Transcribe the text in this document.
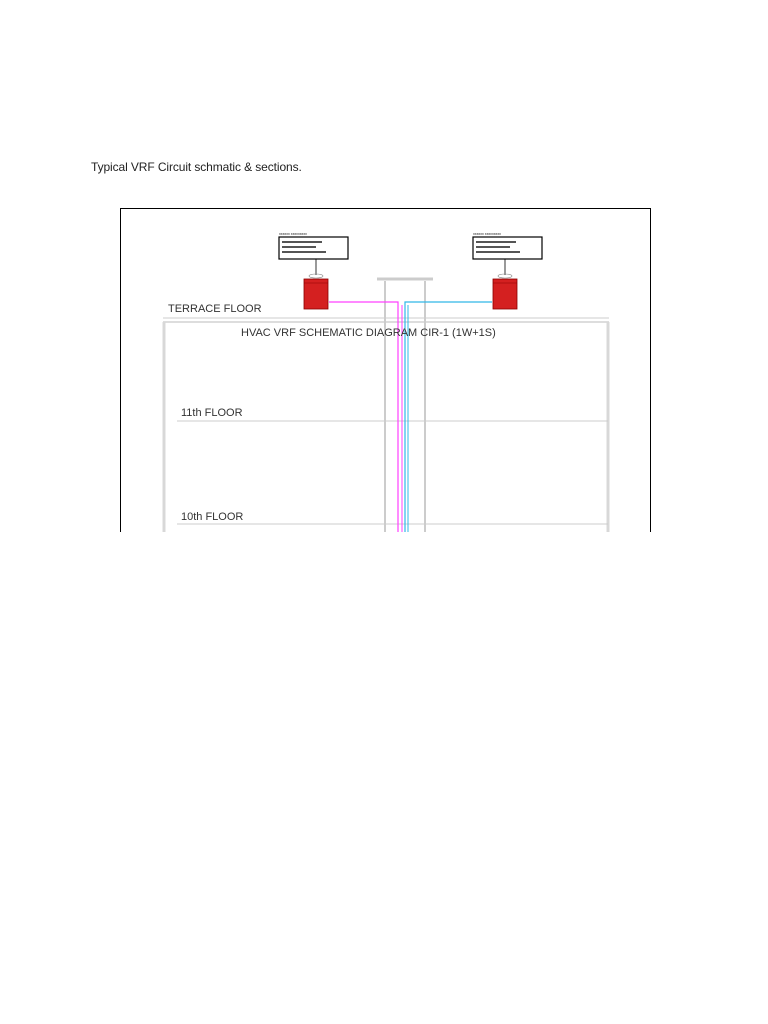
Typical VRF Circuit schmatic & sections.
xxxxxx xxxxxxxxx	xxxxxx xxxxxxxxx
TERRACE FLOOR
HVAC VRF SCHEMATIC DIAGRAM CIR-1 (1W+1S)
11th FLOOR
10th FLOOR
